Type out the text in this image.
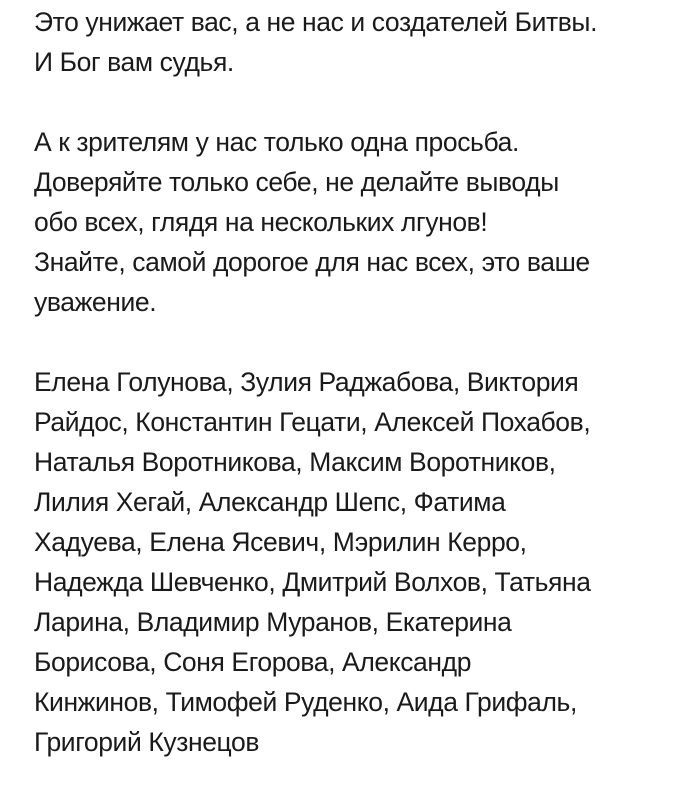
Это унижает вас, а не нас и создателей Битвы.
И Бог вам судья.
А к зрителям у нас только одна просьба.
Доверяйте только себе, не делайте выводы
обо всех, глядя на нескольких лгунов!
Знайте, самой дорогое для нас всех, это ваше
уважение.
Елена Голунова, Зулия Раджабова, Виктория
Райдос, Константин Гецати, Алексей Похабов,
Наталья Воротникова, Максим Воротников,
Лилия Хегай, Александр Шепс, Фатима
Хадуева, Елена Ясевич, Мэрилин Керро,
Надежда Шевченко, Дмитрий Волхов, Татьяна
Ларина, Владимир Муранов, Екатерина
Борисова, Соня Егорова, Александр
Кинжинов, Тимофей Руденко, Аида Грифаль,
Григорий Кузнецов
